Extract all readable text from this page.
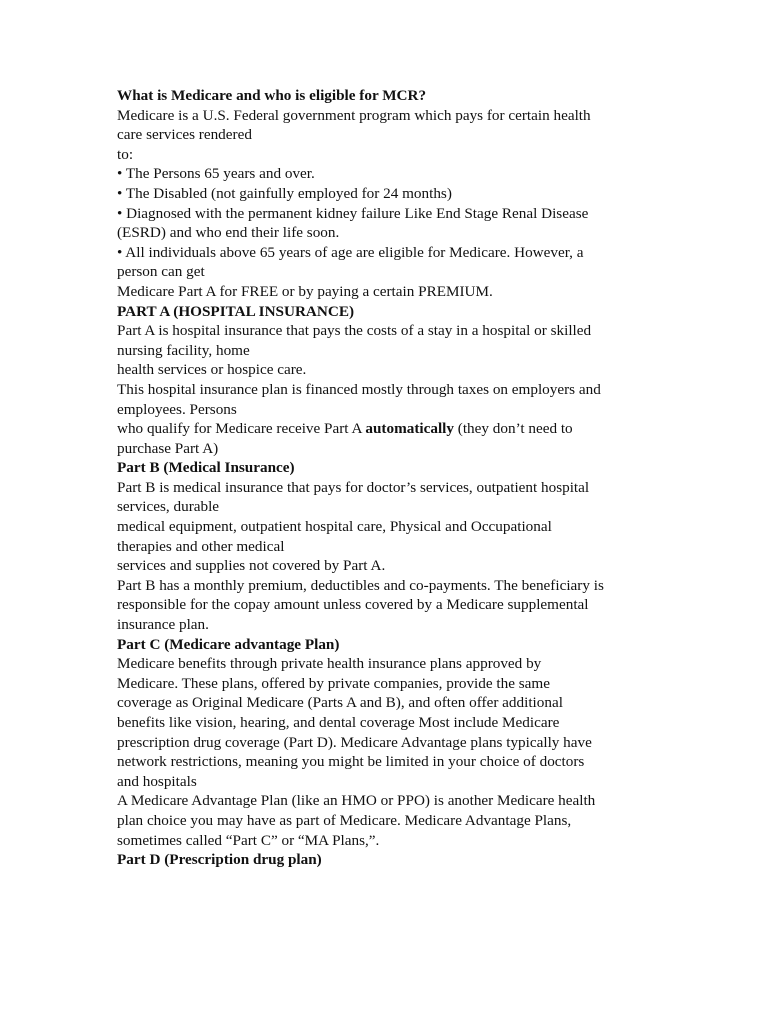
What is Medicare and who is eligible for MCR?
Medicare is a U.S. Federal government program which pays for certain health
care services rendered
to:
• The Persons 65 years and over.
• The Disabled (not gainfully employed for 24 months)
• Diagnosed with the permanent kidney failure Like End Stage Renal Disease
(ESRD) and who end their life soon.
• All individuals above 65 years of age are eligible for Medicare. However, a
person can get
Medicare Part A for FREE or by paying a certain PREMIUM.
PART A (HOSPITAL INSURANCE)
Part A is hospital insurance that pays the costs of a stay in a hospital or skilled
nursing facility, home
health services or hospice care.
This hospital insurance plan is financed mostly through taxes on employers and
employees. Persons
who qualify for Medicare receive Part A automatically (they don’t need to
purchase Part A)
Part B (Medical Insurance)
Part B is medical insurance that pays for doctor’s services, outpatient hospital
services, durable
medical equipment, outpatient hospital care, Physical and Occupational
therapies and other medical
services and supplies not covered by Part A.
Part B has a monthly premium, deductibles and co-payments. The beneficiary is
responsible for the copay amount unless covered by a Medicare supplemental
insurance plan.
Part C (Medicare advantage Plan)
Medicare benefits through private health insurance plans approved by
Medicare. These plans, offered by private companies, provide the same
coverage as Original Medicare (Parts A and B), and often offer additional
benefits like vision, hearing, and dental coverage Most include Medicare
prescription drug coverage (Part D). Medicare Advantage plans typically have
network restrictions, meaning you might be limited in your choice of doctors
and hospitals
A Medicare Advantage Plan (like an HMO or PPO) is another Medicare health
plan choice you may have as part of Medicare. Medicare Advantage Plans,
sometimes called “Part C” or “MA Plans,”.
Part D (Prescription drug plan)
